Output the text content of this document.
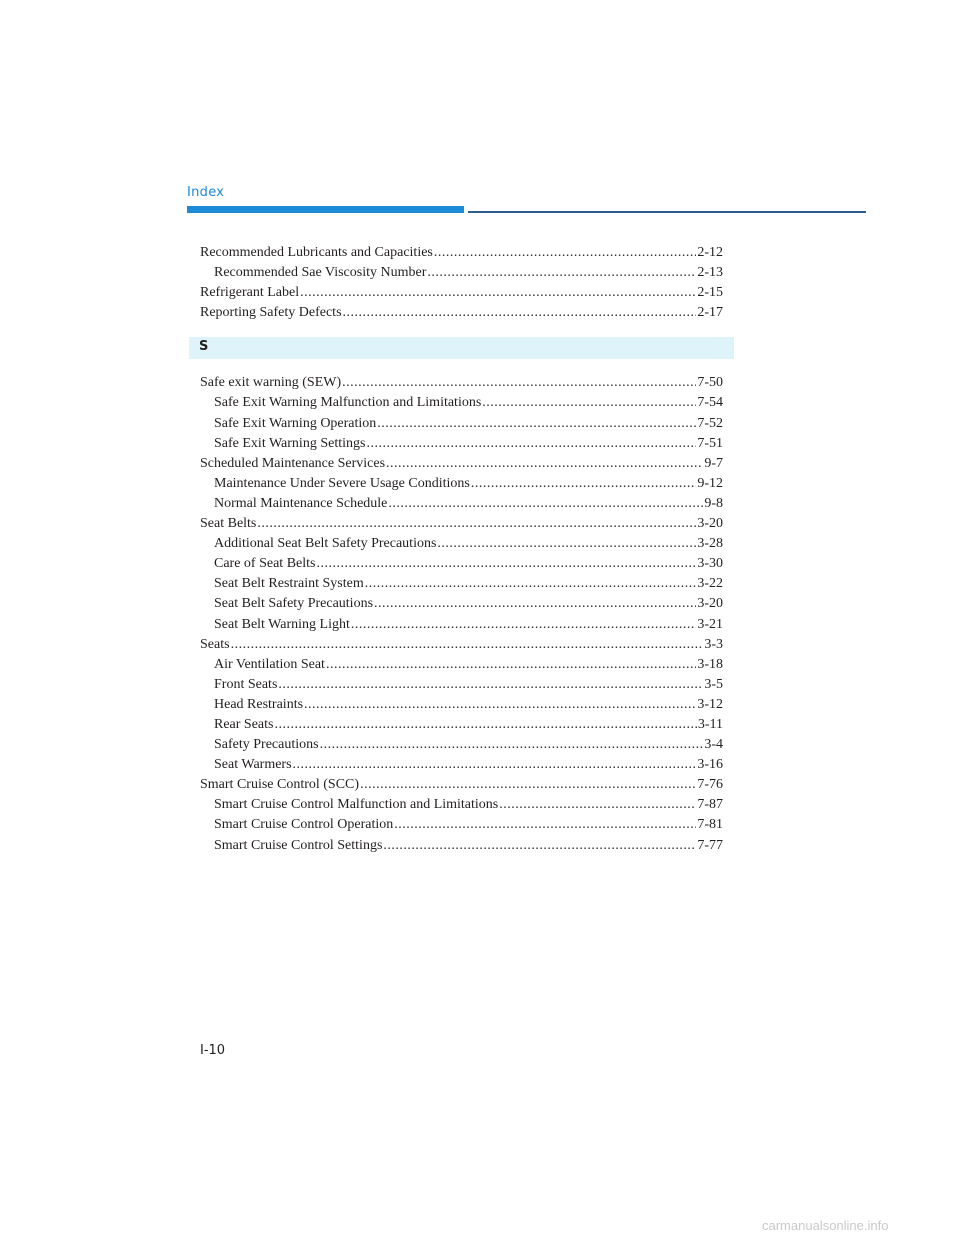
Index
Recommended Lubricants and Capacities .....	2-12
Recommended Sae Viscosity Number .....	2-13
Refrigerant Label .....	2-15
Reporting Safety Defects .....	2-17
S
Safe exit warning (SEW) .....	7-50
Safe Exit Warning Malfunction and Limitations .....	7-54
Safe Exit Warning Operation .....	7-52
Safe Exit Warning Settings .....	7-51
Scheduled Maintenance Services .....	9-7
Maintenance Under Severe Usage Conditions .....	9-12
Normal Maintenance Schedule .....	9-8
Seat Belts .....	3-20
Additional Seat Belt Safety Precautions .....	3-28
Care of Seat Belts .....	3-30
Seat Belt Restraint System .....	3-22
Seat Belt Safety Precautions .....	3-20
Seat Belt Warning Light .....	3-21
Seats .....	3-3
Air Ventilation Seat .....	3-18
Front Seats .....	3-5
Head Restraints .....	3-12
Rear Seats .....	3-11
Safety Precautions .....	3-4
Seat Warmers .....	3-16
Smart Cruise Control (SCC) .....	7-76
Smart Cruise Control Malfunction and Limitations .....	7-87
Smart Cruise Control Operation .....	7-81
Smart Cruise Control Settings .....	7-77
I-10
carmanualsonline.info
